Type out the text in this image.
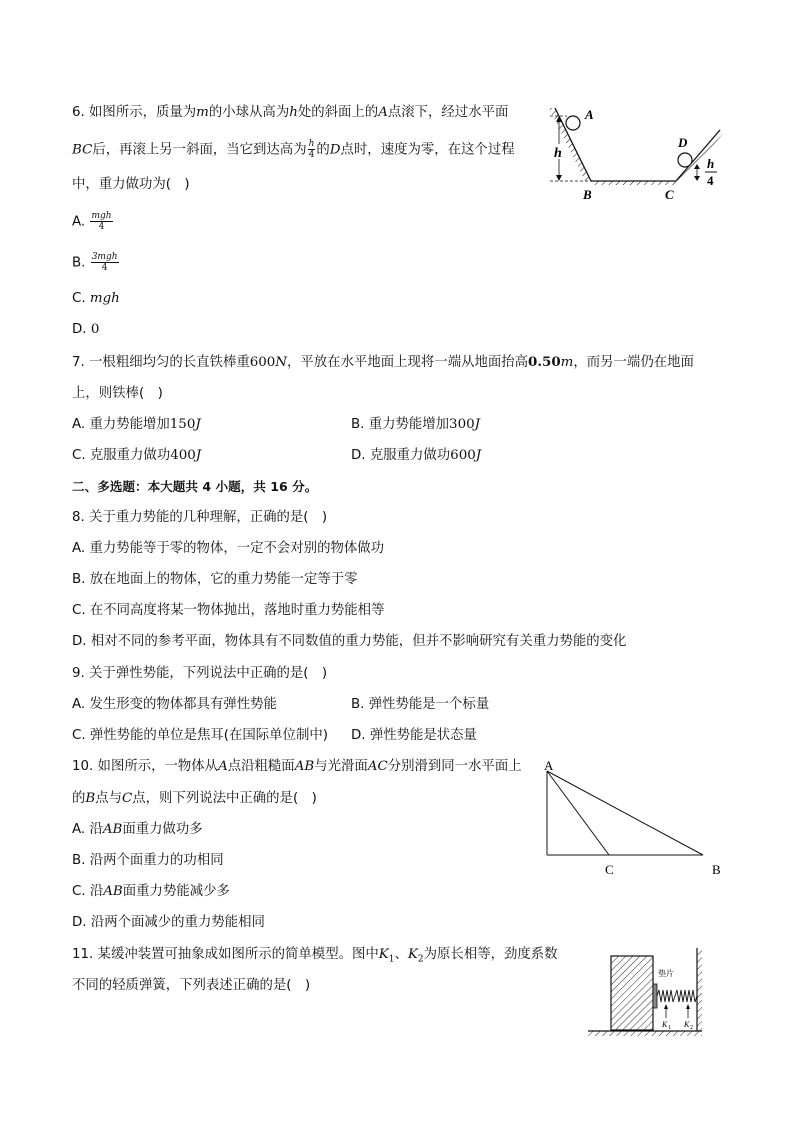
6. 如图所示，质量为m的小球从高为h处的斜面上的A点滚下，经过水平面
BC后，再滚上另一斜面，当它到达高为 $\frac{h}{4}$ 的D点时，速度为零，在这个过程
中，重力做功为(　)
A. $\frac{\text{mgh}}{4}$
B. $\frac{\text{3mgh}}{4}$
C. mgh
D. 0
A
h
B	C
D
h
4
7. 一根粗细均匀的长直铁棒重600N，平放在水平地面上现将一端从地面抬高0.50m，而另一端仍在地面
上，则铁棒(　)
A. 重力势能增加150J	B. 重力势能增加300J
C. 克服重力做功400J	D. 克服重力做功600J
二、多选题：本大题共 4 小题，共 16 分。
8. 关于重力势能的几种理解，正确的是(　)
A. 重力势能等于零的物体，一定不会对别的物体做功
B. 放在地面上的物体，它的重力势能一定等于零
C. 在不同高度将某一物体抛出，落地时重力势能相等
D. 相对不同的参考平面，物体具有不同数值的重力势能，但并不影响研究有关重力势能的变化
9. 关于弹性势能，下列说法中正确的是(　)
A. 发生形变的物体都具有弹性势能	B. 弹性势能是一个标量
C. 弹性势能的单位是焦耳(在国际单位制中) D. 弹性势能是状态量
10. 如图所示，一物体从A点沿粗糙面AB与光滑面AC分别滑到同一水平面上
的B点与C点，则下列说法中正确的是(　)
A. 沿AB面重力做功多
B. 沿两个面重力的功相同
C. 沿AB面重力势能减少多
D. 沿两个面减少的重力势能相同
A
C	B
11. 某缓冲装置可抽象成如图所示的简单模型。图中$K_1$、$K_2$为原长相等，劲度系数
不同的轻质弹簧，下列表述正确的是(　)
垫片
K 1 K 2
